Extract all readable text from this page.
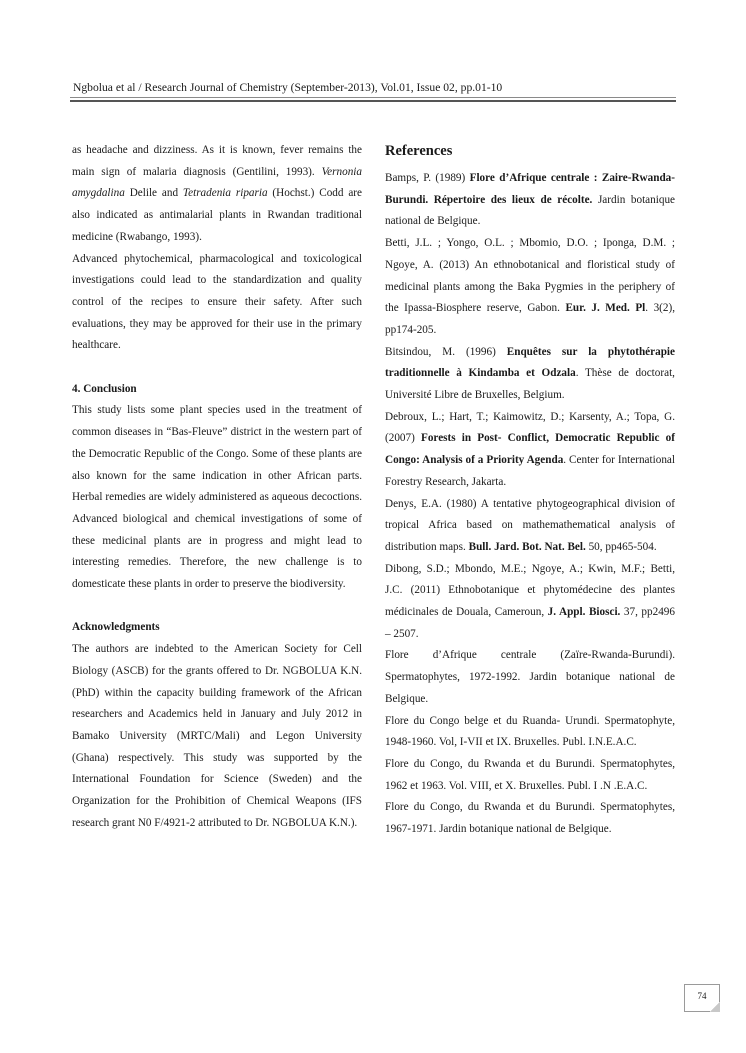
Ngbolua et al / Research Journal of Chemistry (September-2013), Vol.01, Issue 02, pp.01-10

as headache and dizziness. As it is known, fever remains the main sign of malaria diagnosis (Gentilini, 1993). Vernonia amygdalina Delile and Tetradenia riparia (Hochst.) Codd are also indicated as antimalarial plants in Rwandan traditional medicine (Rwabango, 1993).

Advanced phytochemical, pharmacological and toxicological investigations could lead to the standardization and quality control of the recipes to ensure their safety. After such evaluations, they may be approved for their use in the primary healthcare.

4. Conclusion

This study lists some plant species used in the treatment of common diseases in “Bas-Fleuve” district in the western part of the Democratic Republic of the Congo. Some of these plants are also known for the same indication in other African parts. Herbal remedies are widely administered as aqueous decoctions. Advanced biological and chemical investigations of some of these medicinal plants are in progress and might lead to interesting remedies. Therefore, the new challenge is to domesticate these plants in order to preserve the biodiversity.

Acknowledgments

The authors are indebted to the American Society for Cell Biology (ASCB) for the grants offered to Dr. NGBOLUA K.N. (PhD) within the capacity building framework of the African researchers and Academics held in January and July 2012 in Bamako University (MRTC/Mali) and Legon University (Ghana) respectively. This study was supported by the International Foundation for Science (Sweden) and the Organization for the Prohibition of Chemical Weapons (IFS research grant N0 F/4921-2 attributed to Dr. NGBOLUA K.N.).

References

Bamps, P. (1989) Flore d’Afrique centrale : Zaire-Rwanda-Burundi. Répertoire des lieux de récolte. Jardin botanique national de Belgique.

Betti, J.L. ; Yongo, O.L. ; Mbomio, D.O. ; Iponga, D.M. ; Ngoye, A. (2013) An ethnobotanical and floristical study of medicinal plants among the Baka Pygmies in the periphery of the Ipassa-Biosphere reserve, Gabon. Eur. J. Med. Pl. 3(2), pp174-205.

Bitsindou, M. (1996) Enquêtes sur la phytothérapie traditionnelle à Kindamba et Odzala. Thèse de doctorat, Université Libre de Bruxelles, Belgium.

Debroux, L.; Hart, T.; Kaimowitz, D.; Karsenty, A.; Topa, G. (2007) Forests in Post- Conflict, Democratic Republic of Congo: Analysis of a Priority Agenda. Center for International Forestry Research, Jakarta.

Denys, E.A. (1980) A tentative phytogeographical division of tropical Africa based on mathemathematical analysis of distribution maps. Bull. Jard. Bot. Nat. Bel. 50, pp465-504.

Dibong, S.D.; Mbondo, M.E.; Ngoye, A.; Kwin, M.F.; Betti, J.C. (2011) Ethnobotanique et phytomédecine des plantes médicinales de Douala, Cameroun, J. Appl. Biosci. 37, pp2496 – 2507.

Flore d’Afrique centrale (Zaïre-Rwanda-Burundi). Spermatophytes, 1972-1992. Jardin botanique national de Belgique.

Flore du Congo belge et du Ruanda- Urundi. Spermatophyte, 1948-1960. Vol, I-VII et IX. Bruxelles. Publ. I.N.E.A.C.

Flore du Congo, du Rwanda et du Burundi. Spermatophytes, 1962 et 1963. Vol. VIII, et X. Bruxelles. Publ. I .N .E.A.C.

Flore du Congo, du Rwanda et du Burundi. Spermatophytes, 1967-1971. Jardin botanique national de Belgique.

74
